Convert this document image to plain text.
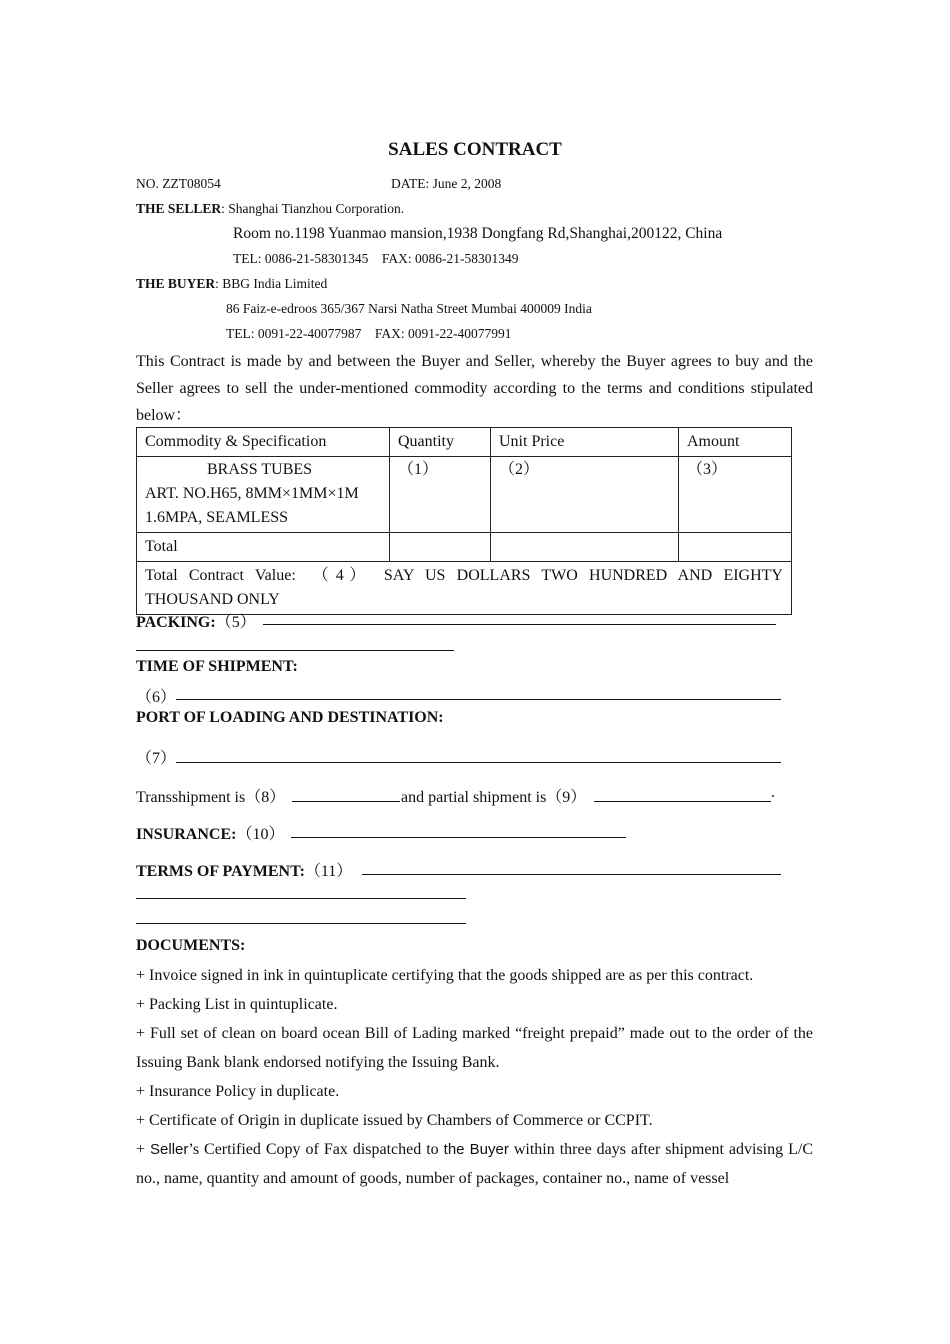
SALES CONTRACT
NO. ZZT08054	DATE: June 2, 2008
THE SELLER: Shanghai Tianzhou Corporation.
Room no.1198 Yuanmao mansion,1938 Dongfang Rd,Shanghai,200122, China
TEL: 0086-21-58301345    FAX: 0086-21-58301349
THE BUYER: BBG India Limited
86 Faiz-e-edroos 365/367 Narsi Natha Street Mumbai 400009 India
TEL: 0091-22-40077987    FAX: 0091-22-40077991
This Contract is made by and between the Buyer and Seller, whereby the Buyer agrees to buy and the Seller agrees to sell the under-mentioned commodity according to the terms and conditions stipulated below：
Commodity & Specification	Quantity	Unit Price	Amount

BRASS TUBES
ART. NO.H65, 8MM×1MM×1M
1.6MPA, SEAMLESS	（1）	（2）	（3）
Total			

Total  Contract  Value:   （ 4 ）   SAY  US  DOLLARS  TWO  HUNDRED  AND  EIGHTY
THOUSAND ONLY			
PACKING:（5）
TIME OF SHIPMENT:
（6）
PORT OF LOADING AND DESTINATION:
（7）
Transshipment is（8）	and partial shipment is（9）	.
INSURANCE:（10）
TERMS OF PAYMENT:（11）
DOCUMENTS:
+ Invoice signed in ink in quintuplicate certifying that the goods shipped are as per this contract.
+ Packing List in quintuplicate.
+ Full set of clean on board ocean Bill of Lading marked “freight prepaid” made out to the order of the Issuing Bank blank endorsed notifying the Issuing Bank.
+ Insurance Policy in duplicate.
+ Certificate of Origin in duplicate issued by Chambers of Commerce or CCPIT.
+ Seller’s Certified Copy of Fax dispatched to the Buyer within three days after shipment advising L/C no., name, quantity and amount of goods, number of packages, container no., name of vessel
